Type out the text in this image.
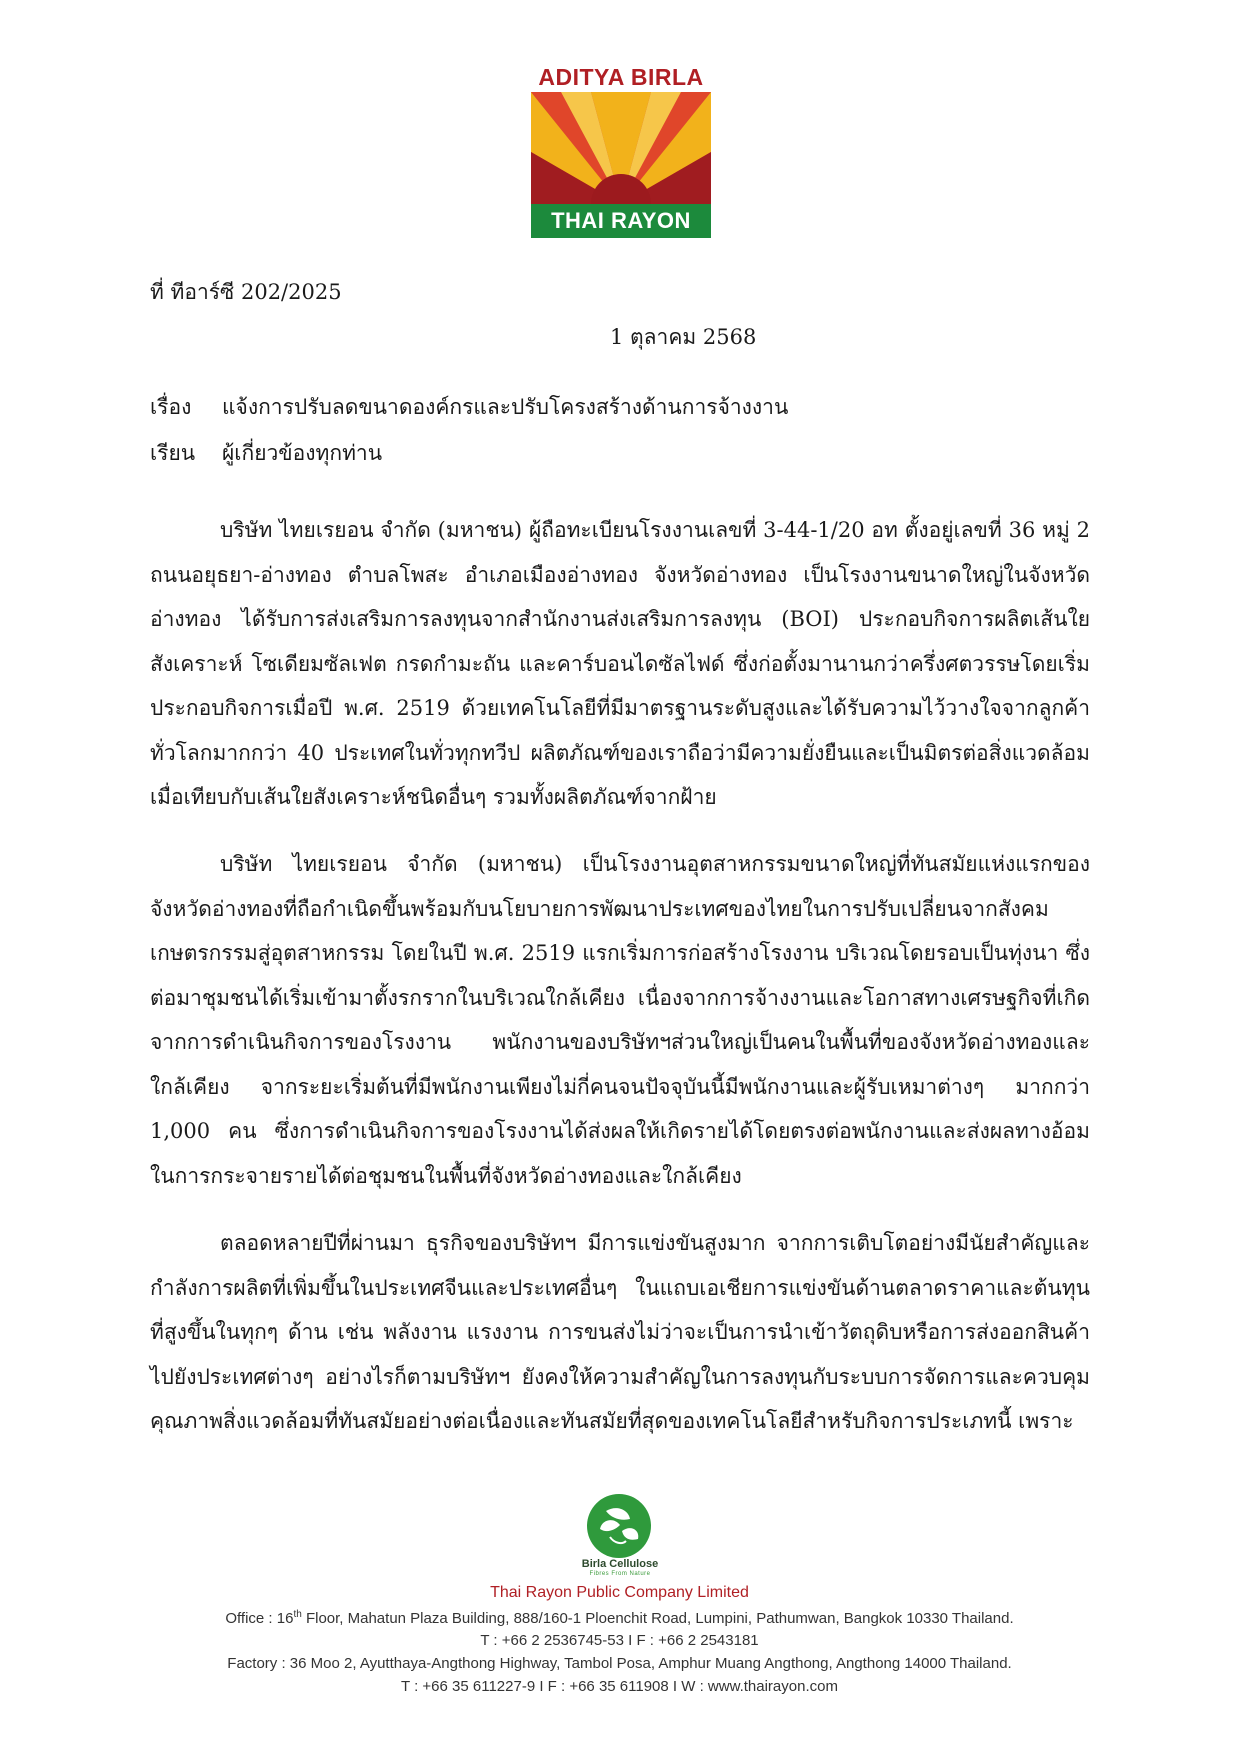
ADITYA BIRLA
THAI RAYON
ที่ ทีอาร์ซี 202/2025
1 ตุลาคม 2568
เรื่อง แจ้งการปรับลดขนาดองค์กรและปรับโครงสร้างด้านการจ้างงาน
เรียน ผู้เกี่ยวข้องทุกท่าน

บริษัท ไทยเรยอน จำกัด (มหาชน) ผู้ถือทะเบียนโรงงานเลขที่ 3-44-1/20 อท ตั้งอยู่เลขที่ 36 หมู่ 2 ถนนอยุธยา-อ่างทอง ตำบลโพสะ อำเภอเมืองอ่างทอง จังหวัดอ่างทอง เป็นโรงงานขนาดใหญ่ในจังหวัดอ่างทอง ได้รับการส่งเสริมการลงทุนจากสำนักงานส่งเสริมการลงทุน (BOI) ประกอบกิจการผลิตเส้นใยสังเคราะห์ โซเดียมซัลเฟต กรดกำมะถัน และคาร์บอนไดซัลไฟด์ ซึ่งก่อตั้งมานานกว่าครึ่งศตวรรษโดยเริ่มประกอบกิจการเมื่อปี พ.ศ. 2519 ด้วยเทคโนโลยีที่มีมาตรฐานระดับสูงและได้รับความไว้วางใจจากลูกค้าทั่วโลกมากกว่า 40 ประเทศในทั่วทุกทวีป ผลิตภัณฑ์ของเราถือว่ามีความยั่งยืนและเป็นมิตรต่อสิ่งแวดล้อมเมื่อเทียบกับเส้นใยสังเคราะห์ชนิดอื่นๆ รวมทั้งผลิตภัณฑ์จากฝ้าย

บริษัท ไทยเรยอน จำกัด (มหาชน) เป็นโรงงานอุตสาหกรรมขนาดใหญ่ที่ทันสมัยแห่งแรกของจังหวัดอ่างทองที่ถือกำเนิดขึ้นพร้อมกับนโยบายการพัฒนาประเทศของไทยในการปรับเปลี่ยนจากสังคมเกษตรกรรมสู่อุตสาหกรรม โดยในปี พ.ศ. 2519 แรกเริ่มการก่อสร้างโรงงาน บริเวณโดยรอบเป็นทุ่งนา ซึ่งต่อมาชุมชนได้เริ่มเข้ามาตั้งรกรากในบริเวณใกล้เคียง เนื่องจากการจ้างงานและโอกาสทางเศรษฐกิจที่เกิดจากการดำเนินกิจการของโรงงาน พนักงานของบริษัทฯส่วนใหญ่เป็นคนในพื้นที่ของจังหวัดอ่างทองและใกล้เคียง จากระยะเริ่มต้นที่มีพนักงานเพียงไม่กี่คนจนปัจจุบันนี้มีพนักงานและผู้รับเหมาต่างๆ มากกว่า 1,000 คน ซึ่งการดำเนินกิจการของโรงงานได้ส่งผลให้เกิดรายได้โดยตรงต่อพนักงานและส่งผลทางอ้อมในการกระจายรายได้ต่อชุมชนในพื้นที่จังหวัดอ่างทองและใกล้เคียง

ตลอดหลายปีที่ผ่านมา ธุรกิจของบริษัทฯ มีการแข่งขันสูงมาก จากการเติบโตอย่างมีนัยสำคัญและกำลังการผลิตที่เพิ่มขึ้นในประเทศจีนและประเทศอื่นๆ ในแถบเอเชียการแข่งขันด้านตลาดราคาและต้นทุนที่สูงขึ้นในทุกๆ ด้าน เช่น พลังงาน แรงงาน การขนส่งไม่ว่าจะเป็นการนำเข้าวัตถุดิบหรือการส่งออกสินค้าไปยังประเทศต่างๆ อย่างไรก็ตามบริษัทฯ ยังคงให้ความสำคัญในการลงทุนกับระบบการจัดการและควบคุมคุณภาพสิ่งแวดล้อมที่ทันสมัยอย่างต่อเนื่องและทันสมัยที่สุดของเทคโนโลยีสำหรับกิจการประเภทนี้ เพราะ

Birla Cellulose
Fibres From Nature
Thai Rayon Public Company Limited
Office : 16th Floor, Mahatun Plaza Building, 888/160-1 Ploenchit Road, Lumpini, Pathumwan, Bangkok 10330 Thailand.
T : +66 2 2536745-53 I F : +66 2 2543181
Factory : 36 Moo 2, Ayutthaya-Angthong Highway, Tambol Posa, Amphur Muang Angthong, Angthong 14000 Thailand.
T : +66 35 611227-9 I F : +66 35 611908 I W : www.thairayon.com
